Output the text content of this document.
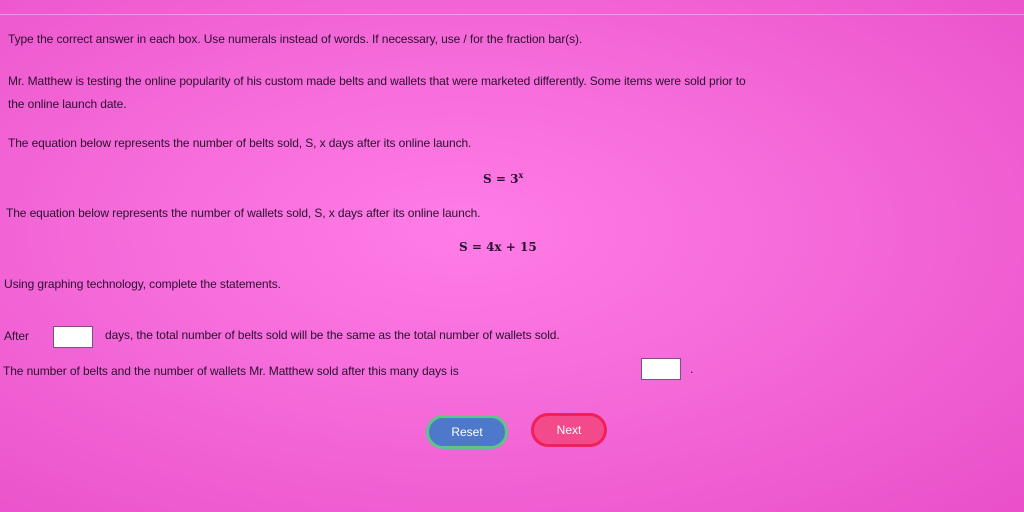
Type the correct answer in each box. Use numerals instead of words. If necessary, use / for the fraction bar(s).
Mr. Matthew is testing the online popularity of his custom made belts and wallets that were marketed differently. Some items were sold prior to
the online launch date.
The equation below represents the number of belts sold, S, x days after its online launch.
$S = 3^x$
The equation below represents the number of wallets sold, S, x days after its online launch.
S = 4x + 15
Using graphing technology, complete the statements.
After	days, the total number of belts sold will be the same as the total number of wallets sold.
The number of belts and the number of wallets Mr. Matthew sold after this many days is	.
Reset	Next
